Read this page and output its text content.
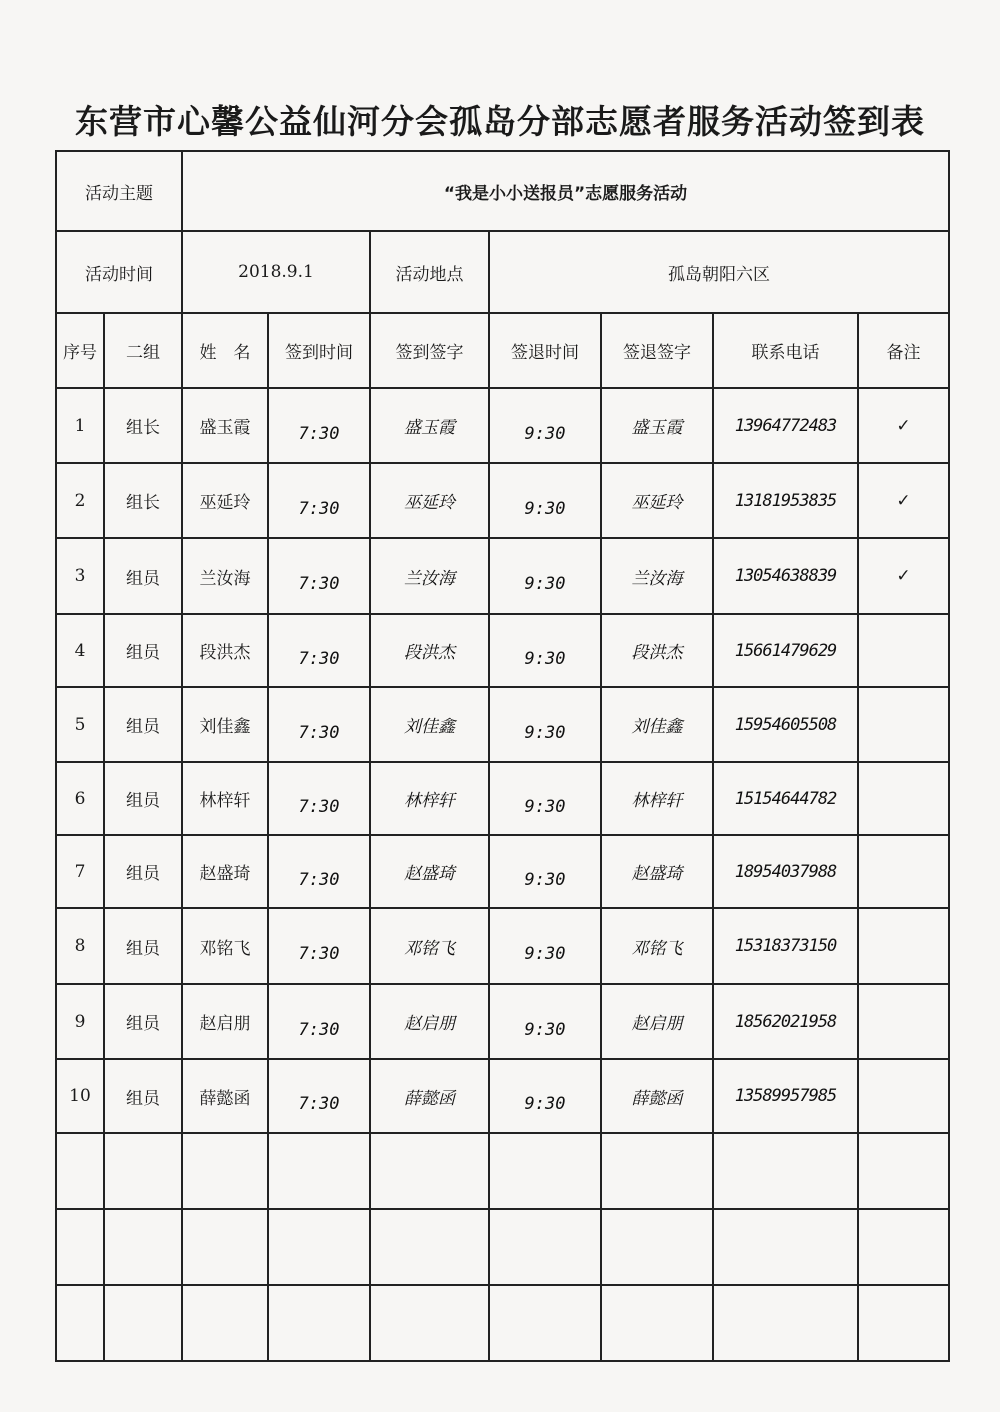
东营市心馨公益仙河分会孤岛分部志愿者服务活动签到表
活动主题		“我是小小送报员”志愿服务活动						
活动时间		2018.9.1		活动地点	孤岛朝阳六区			
序号	二组	姓　名	签到时间	签到签字	签退时间	签退签字	联系电话	备注
1	组长	盛玉霞	7:30	盛玉霞	9:30	盛玉霞	13964772483	✓
2	组长	巫延玲	7:30	巫延玲	9:30	巫延玲	13181953835	✓
3	组员	兰汝海	7:30	兰汝海	9:30	兰汝海	13054638839	✓
4	组员	段洪杰	7:30	段洪杰	9:30	段洪杰	15661479629	
5	组员	刘佳鑫	7:30	刘佳鑫	9:30	刘佳鑫	15954605508	
6	组员	林梓轩	7:30	林梓轩	9:30	林梓轩	15154644782	
7	组员	赵盛琦	7:30	赵盛琦	9:30	赵盛琦	18954037988	
8	组员	邓铭飞	7:30	邓铭飞	9:30	邓铭飞	15318373150	
9	组员	赵启朋	7:30	赵启朋	9:30	赵启朋	18562021958	
10	组员	薛懿函	7:30	薛懿函	9:30	薛懿函	13589957985	
